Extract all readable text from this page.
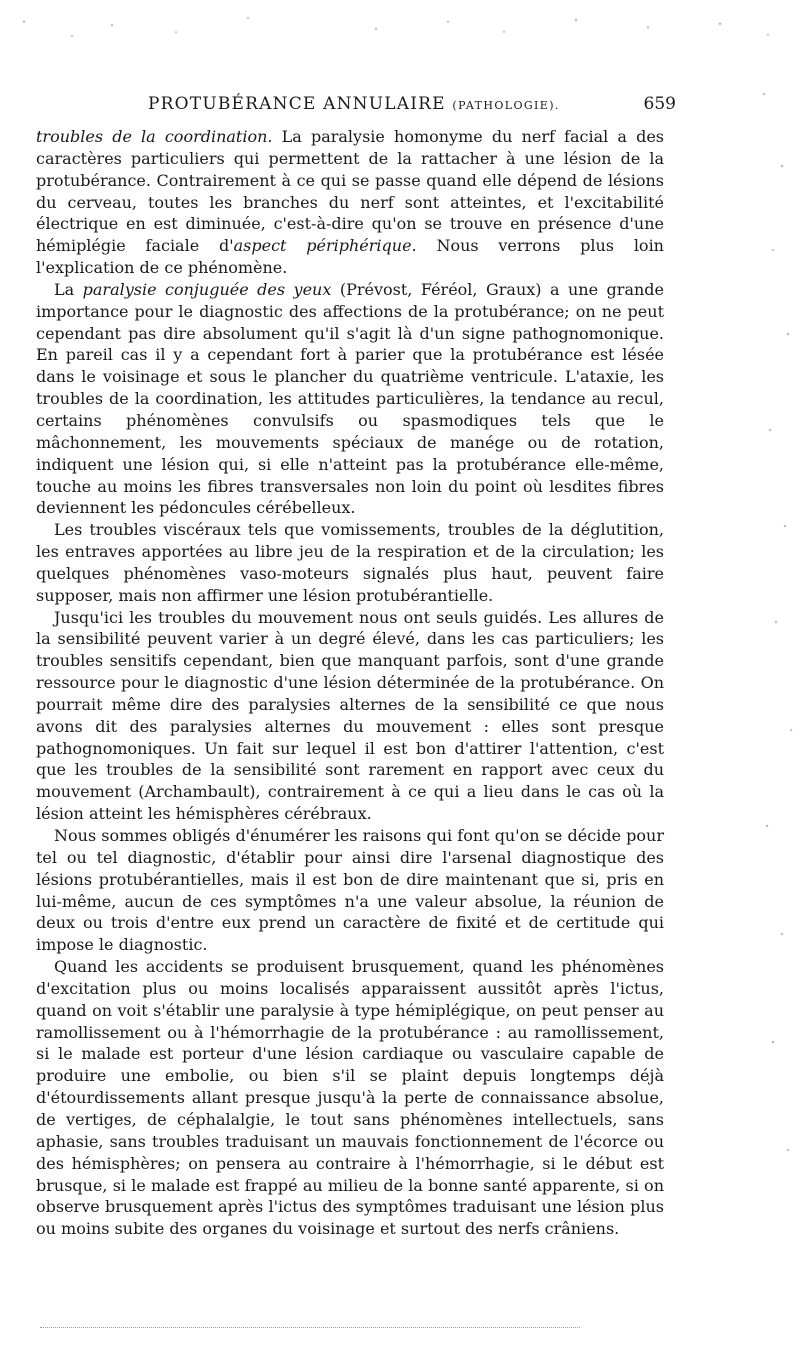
PROTUBÉRANCE ANNULAIRE (PATHOLOGIE).	659

troubles de la coordination. La paralysie homonyme du nerf facial a des caractères particuliers qui permettent de la rattacher à une lésion de la protubérance. Contrairement à ce qui se passe quand elle dépend de lésions du cerveau, toutes les branches du nerf sont atteintes, et l'excitabilité électrique en est diminuée, c'est-à-dire qu'on se trouve en présence d'une hémiplégie faciale d'aspect périphérique. Nous verrons plus loin l'explication de ce phénomène.

La paralysie conjuguée des yeux (Prévost, Féréol, Graux) a une grande importance pour le diagnostic des affections de la protubérance; on ne peut cependant pas dire absolument qu'il s'agit là d'un signe pathognomonique. En pareil cas il y a cependant fort à parier que la protubérance est lésée dans le voisinage et sous le plancher du quatrième ventricule. L'ataxie, les troubles de la coordination, les attitudes particulières, la tendance au recul, certains phénomènes convulsifs ou spasmodiques tels que le mâchonnement, les mouvements spéciaux de manége ou de rotation, indiquent une lésion qui, si elle n'atteint pas la protubérance elle-même, touche au moins les fibres transversales non loin du point où lesdites fibres deviennent les pédoncules cérébelleux.

Les troubles viscéraux tels que vomissements, troubles de la déglutition, les entraves apportées au libre jeu de la respiration et de la circulation; les quelques phénomènes vaso-moteurs signalés plus haut, peuvent faire supposer, mais non affirmer une lésion protubérantielle.

Jusqu'ici les troubles du mouvement nous ont seuls guidés. Les allures de la sensibilité peuvent varier à un degré élevé, dans les cas particuliers; les troubles sensitifs cependant, bien que manquant parfois, sont d'une grande ressource pour le diagnostic d'une lésion déterminée de la protubérance. On pourrait même dire des paralysies alternes de la sensibilité ce que nous avons dit des paralysies alternes du mouvement : elles sont presque pathognomoniques. Un fait sur lequel il est bon d'attirer l'attention, c'est que les troubles de la sensibilité sont rarement en rapport avec ceux du mouvement (Archambault), contrairement à ce qui a lieu dans le cas où la lésion atteint les hémisphères cérébraux.

Nous sommes obligés d'énumérer les raisons qui font qu'on se décide pour tel ou tel diagnostic, d'établir pour ainsi dire l'arsenal diagnostique des lésions protubérantielles, mais il est bon de dire maintenant que si, pris en lui-même, aucun de ces symptômes n'a une valeur absolue, la réunion de deux ou trois d'entre eux prend un caractère de fixité et de certitude qui impose le diagnostic.

Quand les accidents se produisent brusquement, quand les phénomènes d'excitation plus ou moins localisés apparaissent aussitôt après l'ictus, quand on voit s'établir une paralysie à type hémiplégique, on peut penser au ramollissement ou à l'hémorrhagie de la protubérance : au ramollissement, si le malade est porteur d'une lésion cardiaque ou vasculaire capable de produire une embolie, ou bien s'il se plaint depuis longtemps déjà d'étourdissements allant presque jusqu'à la perte de connaissance absolue, de vertiges, de céphalalgie, le tout sans phénomènes intellectuels, sans aphasie, sans troubles traduisant un mauvais fonctionnement de l'écorce ou des hémisphères; on pensera au contraire à l'hémorrhagie, si le début est brusque, si le malade est frappé au milieu de la bonne santé apparente, si on observe brusquement après l'ictus des symptômes traduisant une lésion plus ou moins subite des organes du voisinage et surtout des nerfs crâniens.
